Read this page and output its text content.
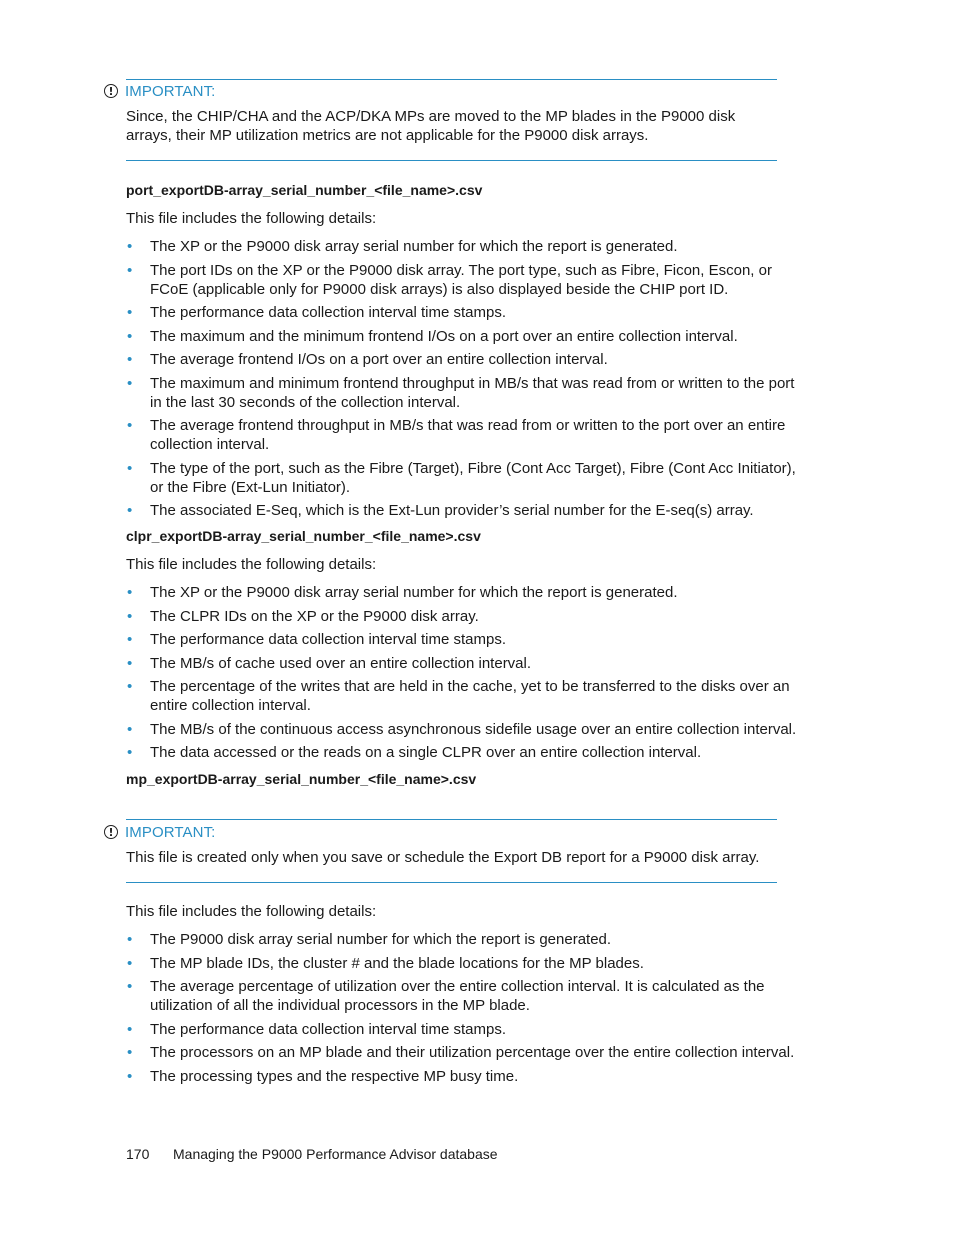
! IMPORTANT:
Since, the CHIP/CHA and the ACP/DKA MPs are moved to the MP blades in the P9000 disk arrays, their MP utilization metrics are not applicable for the P9000 disk arrays.
port_exportDB-array_serial_number_<file_name>.csv
This file includes the following details:
• The XP or the P9000 disk array serial number for which the report is generated.
• The port IDs on the XP or the P9000 disk array. The port type, such as Fibre, Ficon, Escon, or FCoE (applicable only for P9000 disk arrays) is also displayed beside the CHIP port ID.
• The performance data collection interval time stamps.
• The maximum and the minimum frontend I/Os on a port over an entire collection interval.
• The average frontend I/Os on a port over an entire collection interval.
• The maximum and minimum frontend throughput in MB/s that was read from or written to the port in the last 30 seconds of the collection interval.
• The average frontend throughput in MB/s that was read from or written to the port over an entire collection interval.
• The type of the port, such as the Fibre (Target), Fibre (Cont Acc Target), Fibre (Cont Acc Initiator), or the Fibre (Ext-Lun Initiator).
• The associated E-Seq, which is the Ext-Lun provider’s serial number for the E-seq(s) array.
clpr_exportDB-array_serial_number_<file_name>.csv
This file includes the following details:
• The XP or the P9000 disk array serial number for which the report is generated.
• The CLPR IDs on the XP or the P9000 disk array.
• The performance data collection interval time stamps.
• The MB/s of cache used over an entire collection interval.
• The percentage of the writes that are held in the cache, yet to be transferred to the disks over an entire collection interval.
• The MB/s of the continuous access asynchronous sidefile usage over an entire collection interval.
• The data accessed or the reads on a single CLPR over an entire collection interval.
mp_exportDB-array_serial_number_<file_name>.csv
! IMPORTANT:
This file is created only when you save or schedule the Export DB report for a P9000 disk array.
This file includes the following details:
• The P9000 disk array serial number for which the report is generated.
• The MP blade IDs, the cluster # and the blade locations for the MP blades.
• The average percentage of utilization over the entire collection interval. It is calculated as the utilization of all the individual processors in the MP blade.
• The performance data collection interval time stamps.
• The processors on an MP blade and their utilization percentage over the entire collection interval.
• The processing types and the respective MP busy time.
170 Managing the P9000 Performance Advisor database
